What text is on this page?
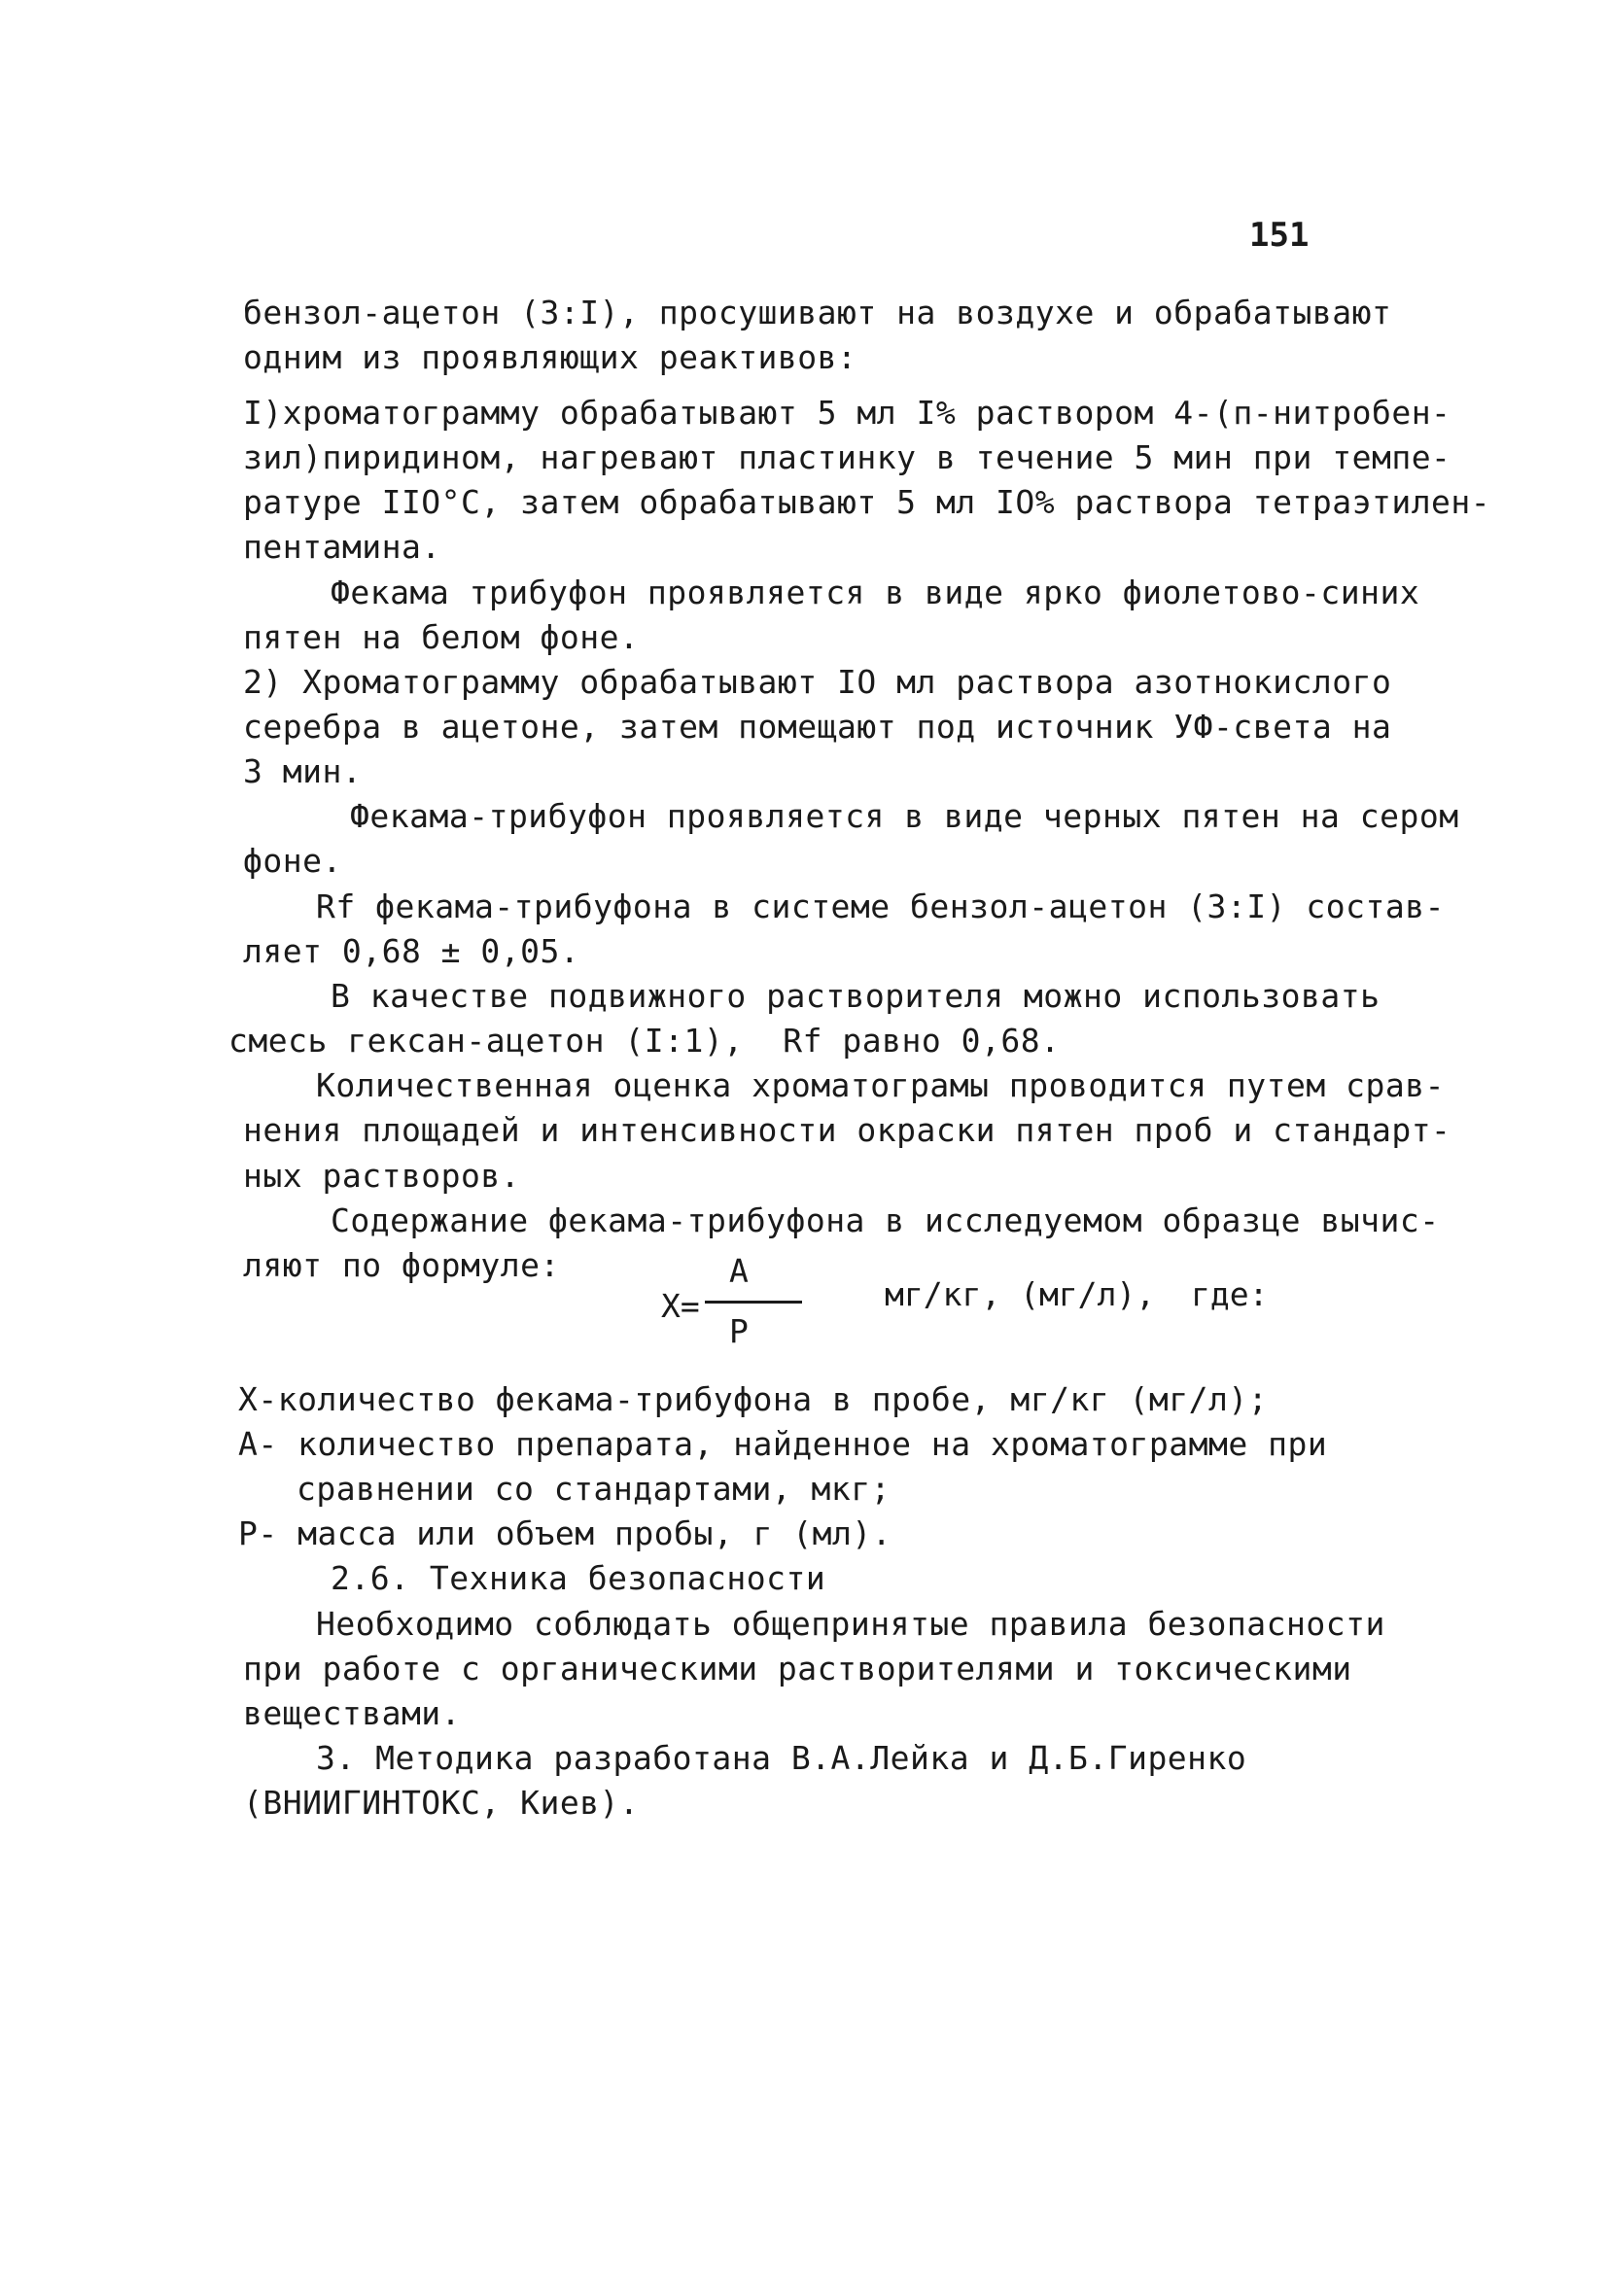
151
бензол-ацетон (3:I), просушивают на воздухе и обрабатывают
одним из проявляющих реактивов:
I)хроматограмму обрабатывают 5 мл I% раствором 4-(п-нитробен-
зил)пиридином, нагревают пластинку в течение 5 мин при темпе-
ратуре IIO°C, затем обрабатывают 5 мл IO% раствора тетраэтилен-
пентамина.
Фекама трибуфон проявляется в виде ярко фиолетово-синих
пятен на белом фоне.
2) Хроматограмму обрабатывают IO мл раствора азотнокислого
серебра в ацетоне, затем помещают под источник УФ-света на
3 мин.
Фекама-трибуфон проявляется в виде черных пятен на сером
фоне.
Rf фекама-трибуфона в системе бензол-ацетон (3:I) состав-
ляет 0,68 ± 0,05.
В качестве подвижного растворителя можно использовать
смесь гексан-ацетон (I:1),  Rf равно 0,68.
Количественная оценка хроматограмы проводится путем срав-
нения площадей и интенсивности окраски пятен проб и стандарт-
ных растворов.
Содержание фекама-трибуфона в исследуемом образце вычис-
ляют по формуле:
Х-количество фекама-трибуфона в пробе, мг/кг (мг/л);
А- количество препарата, найденное на хроматограмме при
сравнении со стандартами, мкг;
Р- масса или объем пробы, г (мл).
2.6. Техника безопасности
Необходимо соблюдать общепринятые правила безопасности
при работе с органическими растворителями и токсическими
веществами.
3. Методика разработана В.А.Лейка и Д.Б.Гиренко
(ВНИИГИНТОКС, Киев).
Х=
А
Р
мг/кг, (мг/л), где:
